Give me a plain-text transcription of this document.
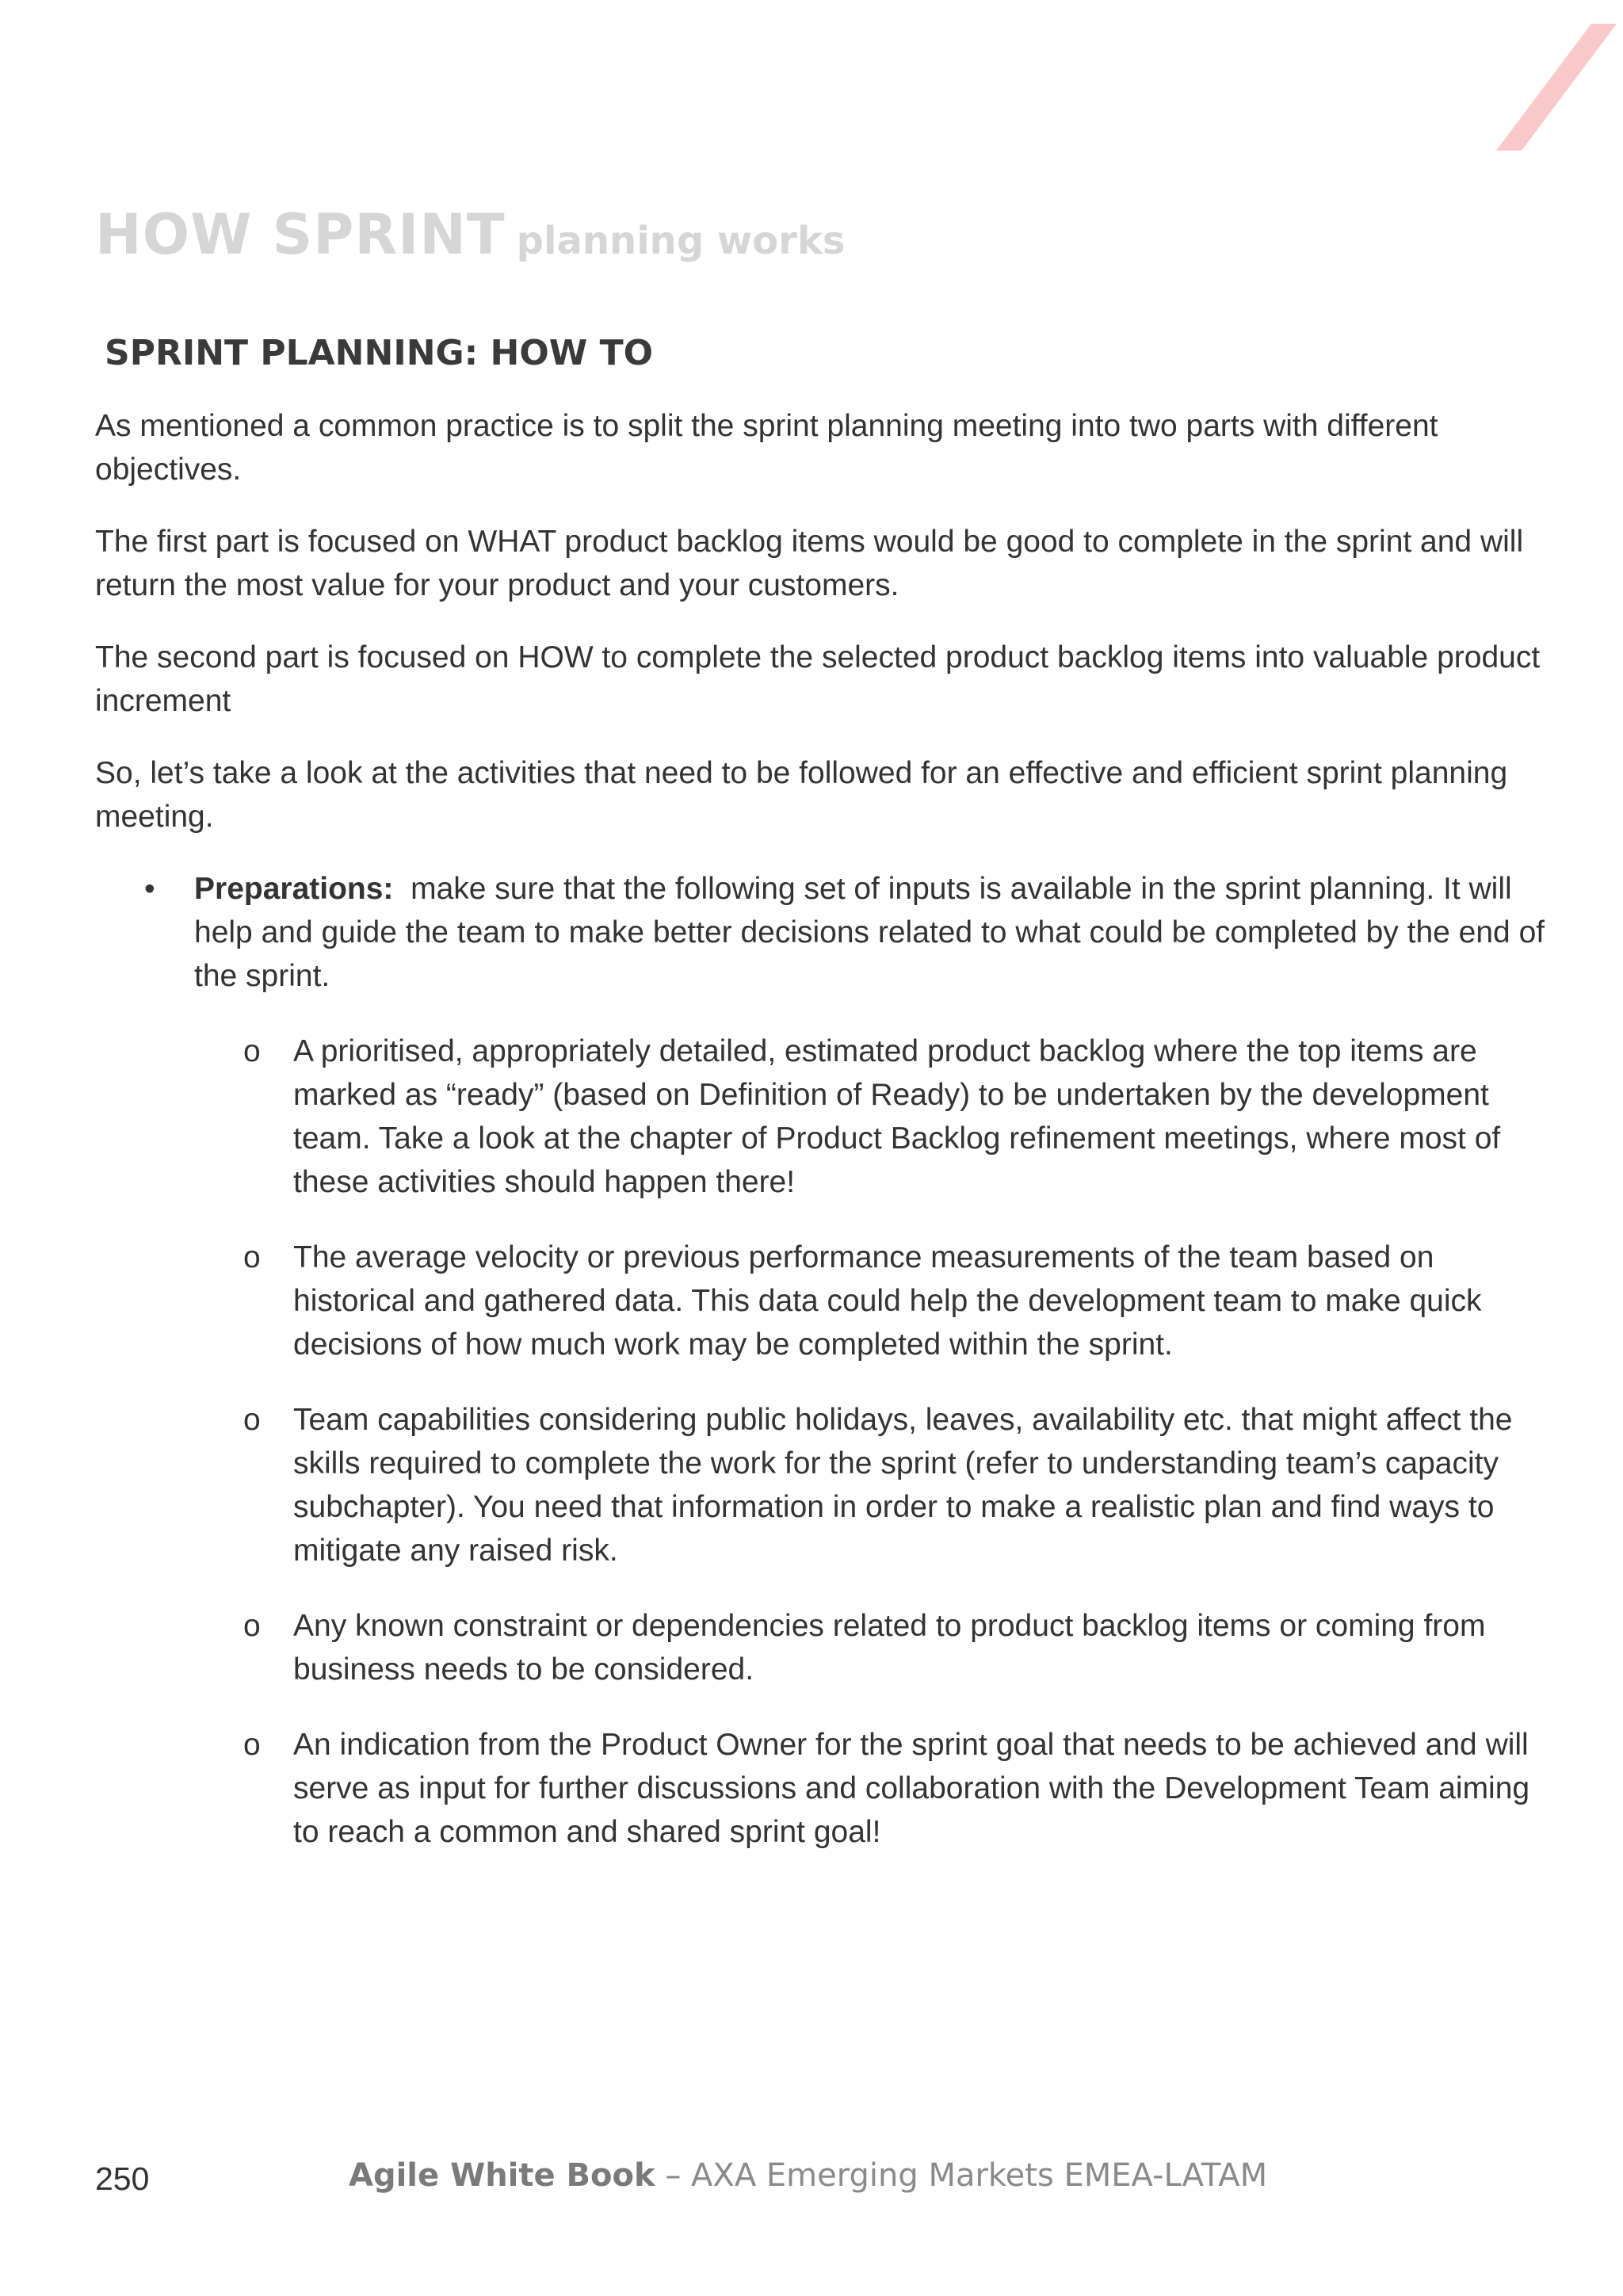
HOW SPRINT planning works
SPRINT PLANNING: HOW TO

As mentioned a common practice is to split the sprint planning meeting into two parts with different objectives.

The first part is focused on WHAT product backlog items would be good to complete in the sprint and will return the most value for your product and your customers.

The second part is focused on HOW to complete the selected product backlog items into valuable product increment

So, let’s take a look at the activities that need to be followed for an effective and efficient sprint planning meeting.

• Preparations: make sure that the following set of inputs is available in the sprint planning. It will help and guide the team to make better decisions related to what could be completed by the end of the sprint.
o A prioritised, appropriately detailed, estimated product backlog where the top items are marked as “ready” (based on Definition of Ready) to be undertaken by the development team. Take a look at the chapter of Product Backlog refinement meetings, where most of these activities should happen there!
o The average velocity or previous performance measurements of the team based on historical and gathered data. This data could help the development team to make quick decisions of how much work may be completed within the sprint.
o Team capabilities considering public holidays, leaves, availability etc. that might affect the skills required to complete the work for the sprint (refer to understanding team’s capacity subchapter). You need that information in order to make a realistic plan and find ways to mitigate any raised risk.
o Any known constraint or dependencies related to product backlog items or coming from business needs to be considered.
o An indication from the Product Owner for the sprint goal that needs to be achieved and will serve as input for further discussions and collaboration with the Development Team aiming to reach a common and shared sprint goal!
250	Agile White Book – AXA Emerging Markets EMEA-LATAM
